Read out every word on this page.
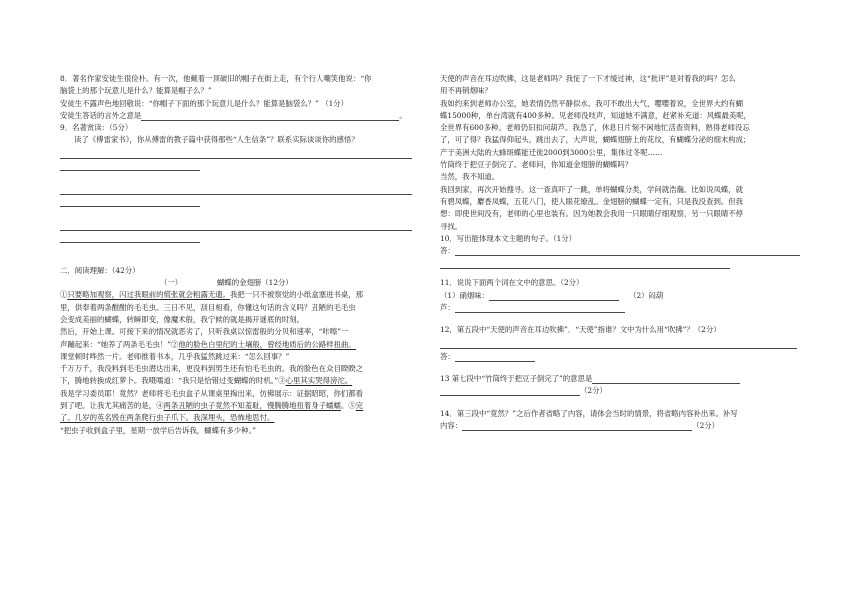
8．著名作家安徒生很俭朴。有一次，他戴着一顶破旧的帽子在街上走，有个行人嘲笑他说：“你

脑袋上的那个玩意儿是什么？能算是帽子么？”

安徒生不露声色地回敬说：“你帽子下面的那个玩意儿是什么？能算是脑袋么？” （1分）

安徒生答话的言外之意是	。

9．名著赏读：（5分）

读了《傅雷家书》，你从傅雷的教子篇中获得那些“人生信条”？联系实际谈谈你的感悟？

二．阅读理解：（42分）

（一）	蝴蝶的金翅膀（12分）

①只要略加观察，闪过我眼前的慌张就会粗露无遗。我把一只不被察觉的小纸盒塞进书桌，那

里，供奉着两条酣酣的毛毛虫。三日不见，刮目相看，你懂这句话的含义吗？丑陋的毛毛虫

会变成美丽的蝴蝶，转瞬即变，像魔术般，我宁候的就是揭开谜底的时刻。

然后，开始上课。可接下来的情况就恶劣了，只听我桌以惊雷般的分贝和速率，“咔嚓”一

声蹦起来：“她养了两条毛毛虫！”②他的脸色白里纪的土壤般，曾经地质后的公路样扭曲。

课堂顿时哗然一片。老师推着书本，几乎我猛然跳过来：“怎么回事？”

千万万千，我没料到毛毛虫潜达出来，更没料到男生还有怕毛毛虫的。我的脸色在众目睽睽之

下，腾地转换成红萝卜。我嗫嚅道：“我只是恰错过变蝴蝶的时机。”③心里其实哭得滂沱。

我是学习委员耶！竟然？老师将毛毛虫盒子从课桌里掏出来，仿佛展示：证据昭昭，你们都看

到了吧。让我尤其痛苦的是，④两条丑陋的虫子竟然不知羞耻，慢腾腾地扭着身子蠕蠕。⑤完

了。几岁的英名毁在两条爬行虫子爪下。我深埋头，恐怖地思忖。

“把虫子收到盒子里，星期一放学后告诉我，蝴蝶有多少种。”

天使的声音在耳边吹拂，这是老师吗？我怔了一下才缓过神，这“批评”是对着我的吗？怎么

用不再销烟味？

我如约来到老师办公室，她表情仍然平静似水。我可不敢出大气，嘤嘤着说，全世界大约有蝴

蝶15000种，单台湾就有400多种。见老师没吱声，知道她不满意，赶紧补充道：风蝶最美呢，

全世界有600多种。老师仍旧扣问葫芦。我急了，休息日片刻不闲地忙活查资料，熟得老师没忘

了，可了得？我猛得仰起头，跳出去了，大声说，蝴蝶翅膀上的花纹，有蝴蝶分泌的细末构成；

产于美洲大陆的大蜂斑蝶能迁徙2000到3000公里，集体过冬呢……

竹筒终于把豆子倒完了。老师问，你知道金翅膀的蝴蝶吗？

当然，我不知道。

我回到家，再次开始搜寻。这一查真吓了一跳，单将蝴蝶分类，学问就浩瀚。比如说凤蝶，就

有碧凤蝶，麝香凤蝶，五花八门，使人眼花缭乱。金翅膀的蝴蝶一定有，只是我没查到。但我

想：即使世间没有，老师的心里也装有。因为她教会我用一只眼睛仔细观察，另一只眼睛不停

寻找。

10．写出能体现本文主题的句子。（1分）

答：

11．说说下面两个词在文中的意思。（2分）

（1）硝烟味：	（2）闷葫

芦：

12．第五段中“天使的声音在耳边吹拂”．“天使”指谁？文中为什么用“吹拂”？（2分）

答：

13 第七段中“竹筒终于把豆子倒完了”的意思是

（2分）

14．第三段中“竟然？”之后作者省略了内容，请体会当时的情景，将省略内容补出来。补写

内容：	（2分）
